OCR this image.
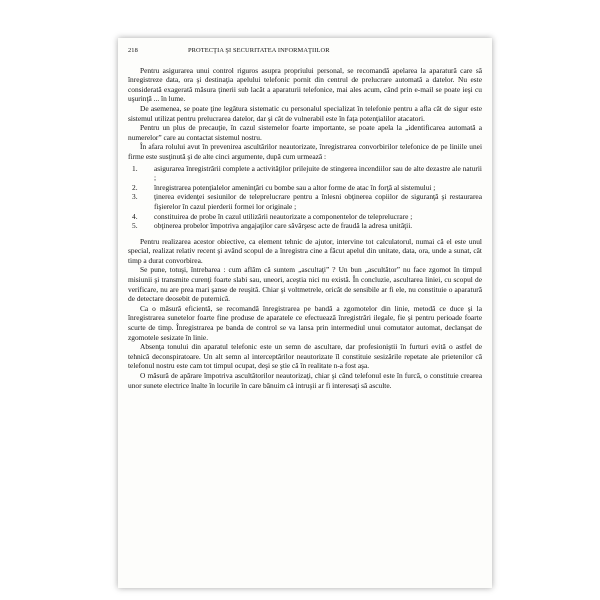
218	PROTECŢIA ŞI SECURITATEA INFORMAŢIILOR

Pentru asigurarea unui control riguros asupra propriului personal, se recomandă apelarea la aparatură care să înregistreze data, ora şi destinaţia apelului telefonic pornit din centrul de prelucrare automată a datelor. Nu este considerată exagerată măsura ţinerii sub lacăt a aparaturii telefonice, mai ales acum, când prin e-mail se poate ieşi cu uşurinţă ... în lume.

De asemenea, se poate ţine legătura sistematic cu personalul specializat în telefonie pentru a afla cât de sigur este sistemul utilizat pentru prelucrarea datelor, dar şi cât de vulnerabil este în faţa potenţialilor atacatori.

Pentru un plus de precauţie, în cazul sistemelor foarte importante, se poate apela la „identificarea automată a numerelor” care au contactat sistemul nostru.

În afara rolului avut în prevenirea ascultărilor neautorizate, înregistrarea convorbirilor telefonice de pe liniile unei firme este susţinută şi de alte cinci argumente, după cum urmează :

1.	asigurarea înregistrării complete a activităţilor prilejuite de stingerea incendiilor sau de alte dezastre ale naturii ;
2.	înregistrarea potenţialelor ameninţări cu bombe sau a altor forme de atac în forţă al sistemului ;
3.	ţinerea evidenţei sesiunilor de teleprelucrare pentru a înlesni obţinerea copiilor de siguranţă şi restaurarea fişierelor în cazul pierderii formei lor originale ;
4.	constituirea de probe în cazul utilizării neautorizate a componentelor de teleprelucrare ;
5.	obţinerea probelor împotriva angajaţilor care săvârşesc acte de fraudă la adresa unităţii.

Pentru realizarea acestor obiective, ca element tehnic de ajutor, intervine tot calculatorul, numai că el este unul special, realizat relativ recent şi având scopul de a înregistra cine a făcut apelul din unitate, data, ora, unde a sunat, cât timp a durat convorbirea.

Se pune, totuşi, întrebarea : cum aflăm că suntem „ascultaţi” ? Un bun „ascultător” nu face zgomot în timpul misiunii şi transmite curenţi foarte slabi sau, uneori, aceştia nici nu există. În concluzie, ascultarea liniei, cu scopul de verificare, nu are prea mari şanse de reuşită. Chiar şi voltmetrele, oricât de sensibile ar fi ele, nu constituie o aparatură de detectare deosebit de puternică.

Ca o măsură eficientă, se recomandă înregistrarea pe bandă a zgomotelor din linie, metodă ce duce şi la înregistrarea sunetelor foarte fine produse de aparatele ce efectuează înregistrări ilegale, fie şi pentru perioade foarte scurte de timp. Înregistrarea pe banda de control se va lansa prin intermediul unui comutator automat, declanşat de zgomotele sesizate în linie.

Absenţa tonului din aparatul telefonic este un semn de ascultare, dar profesioniştii în furturi evită o astfel de tehnică deconspiratoare. Un alt semn al interceptărilor neautorizate îl constituie sesizările repetate ale prietenilor că telefonul nostru este cam tot timpul ocupat, deşi se ştie că în realitate n-a fost aşa.

O măsură de apărare împotriva ascultătorilor neautorizaţi, chiar şi când telefonul este în furcă, o constituie crearea unor sunete electrice înalte în locurile în care bănuim că intruşii ar fi interesaţi să asculte.
